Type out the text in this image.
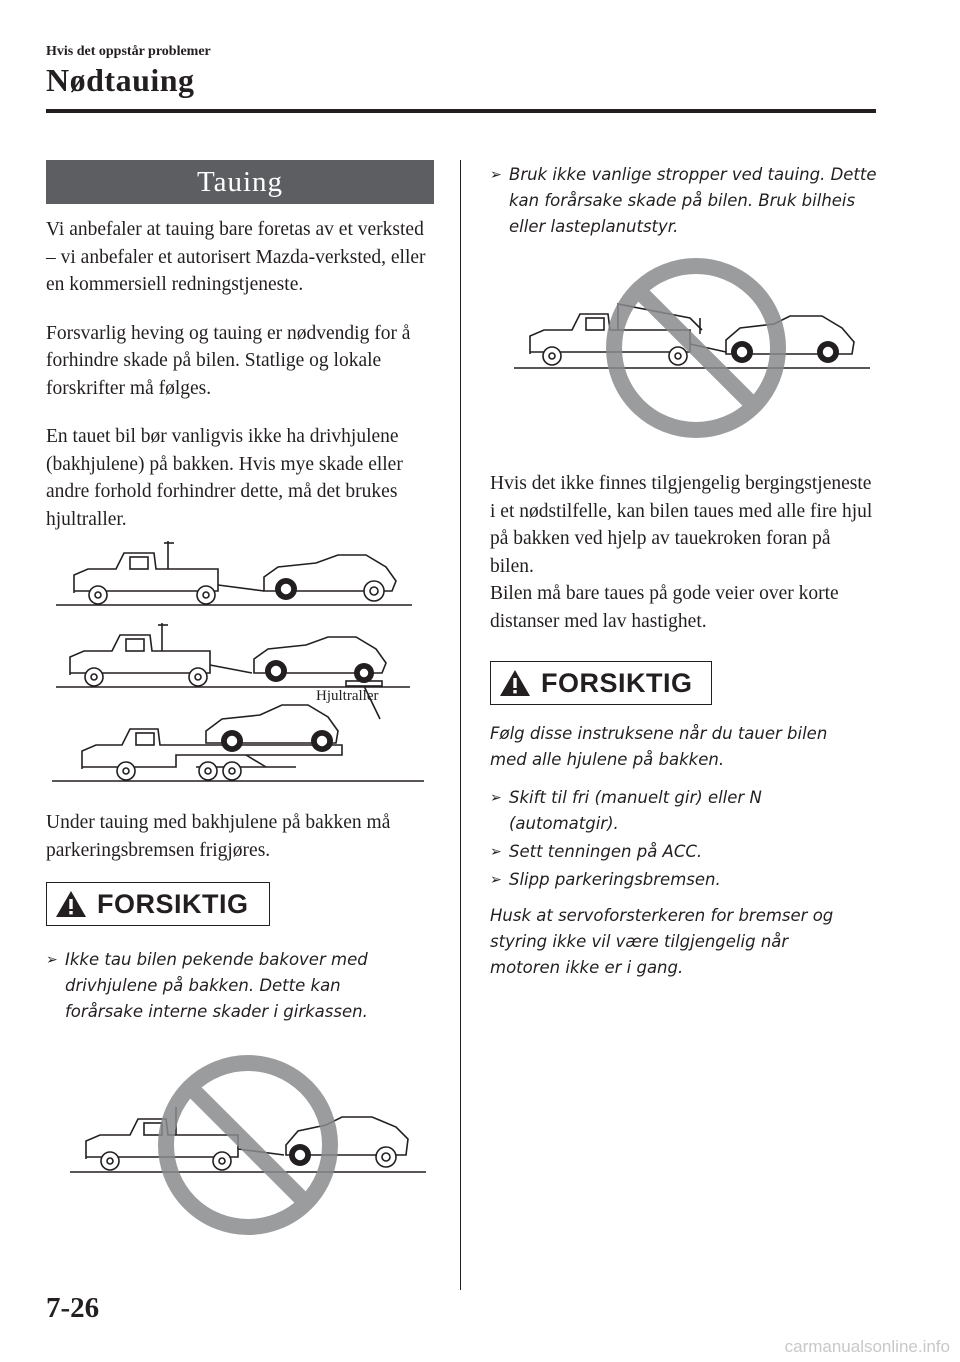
Hvis det oppstår problemer
Nødtauing
Tauing

Vi anbefaler at tauing bare foretas av et verksted – vi anbefaler et autorisert Mazda-verksted, eller en kommersiell redningstjeneste.

Forsvarlig heving og tauing er nødvendig for å forhindre skade på bilen. Statlige og lokale forskrifter må følges.

En tauet bil bør vanligvis ikke ha drivhjulene (bakhjulene) på bakken. Hvis mye skade eller andre forhold forhindrer dette, må det brukes hjultraller.

Hjultraller

Under tauing med bakhjulene på bakken må parkeringsbremsen frigjøres.

FORSIKTIG
➢ Ikke tau bilen pekende bakover med drivhjulene på bakken. Dette kan forårsake interne skader i girkassen.
➢ Bruk ikke vanlige stropper ved tauing. Dette kan forårsake skade på bilen. Bruk bilheis eller lasteplanutstyr.

Hvis det ikke finnes tilgjengelig bergingstjeneste i et nødstilfelle, kan bilen taues med alle fire hjul på bakken ved hjelp av tauekroken foran på bilen.

Bilen må bare taues på gode veier over korte distanser med lav hastighet.

FORSIKTIG
Følg disse instruksene når du tauer bilen med alle hjulene på bakken.
➢ Skift til fri (manuelt gir) eller N (automatgir).
➢ Sett tenningen på ACC.
➢ Slipp parkeringsbremsen.
Husk at servoforsterkeren for bremser og styring ikke vil være tilgjengelig når motoren ikke er i gang.
7-26
carmanualsonline.info
